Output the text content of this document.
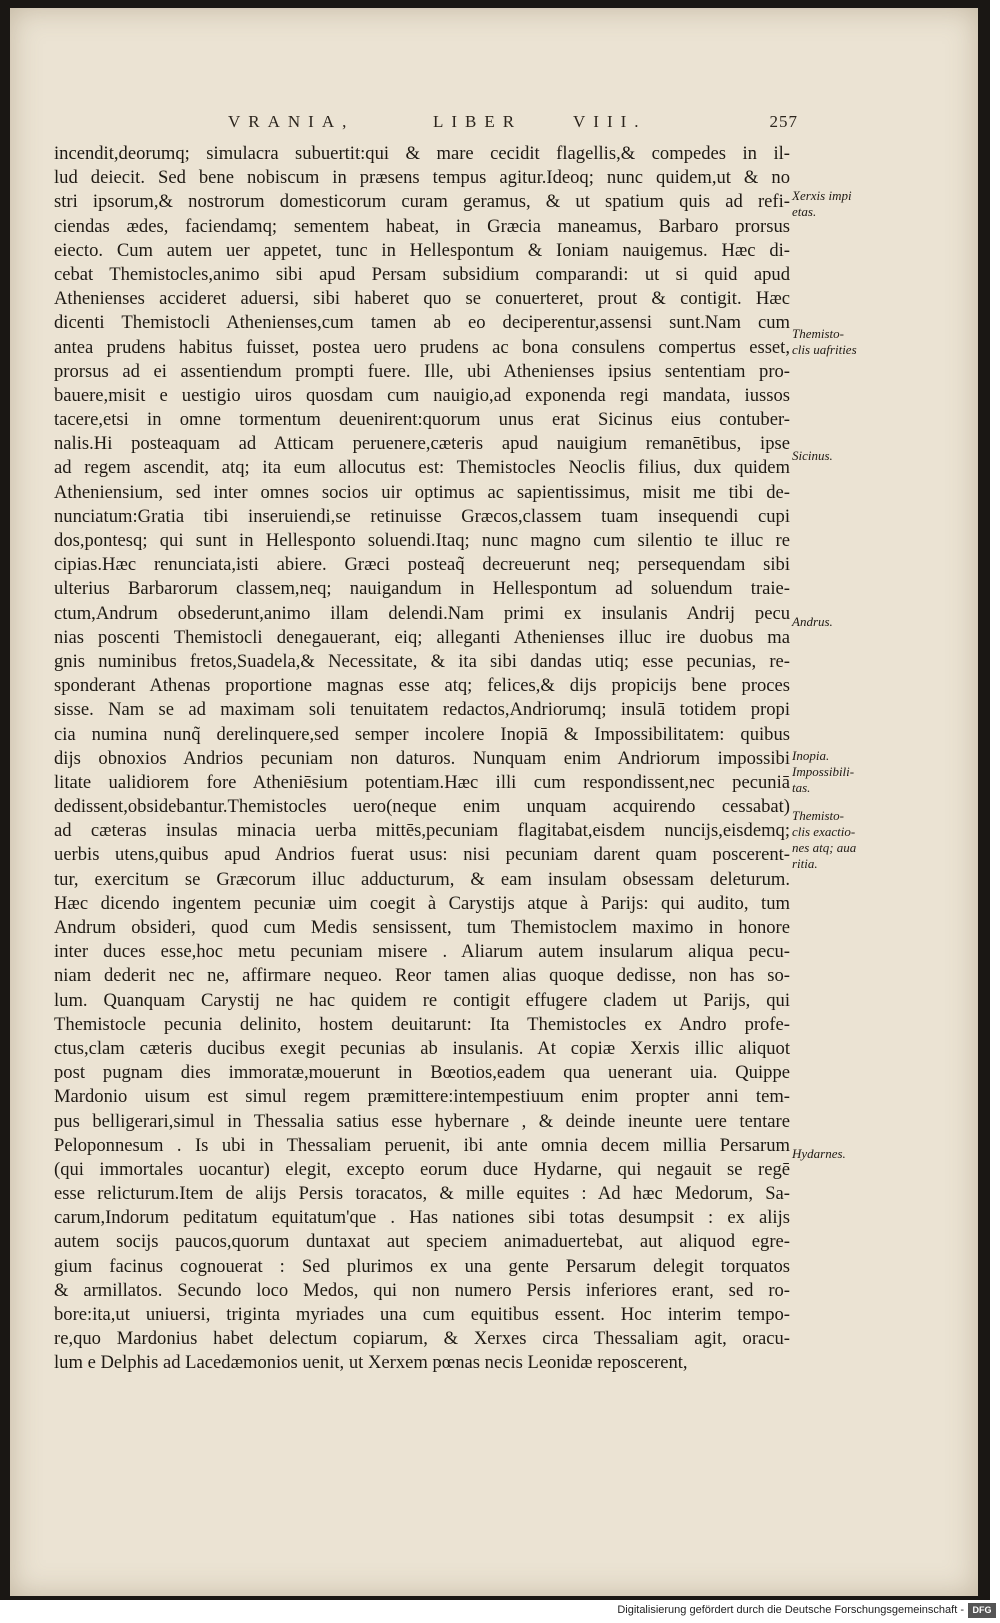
VRANIA,	LIBER	VIII.	257
incendit,deorumq; simulacra subuertit:qui & mare cecidit flagellis,& compedes in il-
lud deiecit. Sed bene nobiscum in præsens tempus agitur.Ideoq; nunc quidem,ut & no
stri ipsorum,& nostrorum domesticorum curam geramus, & ut spatium quis ad refi-
ciendas ædes, faciendamq; sementem habeat, in Græcia maneamus, Barbaro prorsus
eiecto. Cum autem uer appetet, tunc in Hellespontum & Ioniam nauigemus. Hæc di-
cebat Themistocles,animo sibi apud Persam subsidium comparandi: ut si quid apud
Athenienses accideret aduersi, sibi haberet quo se conuerteret, prout & contigit. Hæc
dicenti Themistocli Athenienses,cum tamen ab eo deciperentur,assensi sunt.Nam cum
antea prudens habitus fuisset, postea uero prudens ac bona consulens compertus esset,
prorsus ad ei assentiendum prompti fuere. Ille, ubi Athenienses ipsius sententiam pro-
bauere,misit e uestigio uiros quosdam cum nauigio,ad exponenda regi mandata, iussos
tacere,etsi in omne tormentum deuenirent:quorum unus erat Sicinus eius contuber-
nalis.Hi posteaquam ad Atticam peruenere,cæteris apud nauigium remanētibus, ipse
ad regem ascendit, atq; ita eum allocutus est: Themistocles Neoclis filius, dux quidem
Atheniensium, sed inter omnes socios uir optimus ac sapientissimus, misit me tibi de-
nunciatum:Gratia tibi inseruiendi,se retinuisse Græcos,classem tuam insequendi cupi
dos,pontesq; qui sunt in Hellesponto soluendi.Itaq; nunc magno cum silentio te illuc re
cipias.Hæc renunciata,isti abiere. Græci posteaq̃ decreuerunt neq; persequendam sibi
ulterius Barbarorum classem,neq; nauigandum in Hellespontum ad soluendum traie-
ctum,Andrum obsederunt,animo illam delendi.Nam primi ex insulanis Andrij pecu
nias poscenti Themistocli denegauerant, eiq; alleganti Athenienses illuc ire duobus ma
gnis numinibus fretos,Suadela,& Necessitate, & ita sibi dandas utiq; esse pecunias, re-
sponderant Athenas proportione magnas esse atq; felices,& dijs propicijs bene proces
sisse. Nam se ad maximam soli tenuitatem redactos,Andriorumq; insulā totidem propi
cia numina nunq̃ derelinquere,sed semper incolere Inopiā & Impossibilitatem: quibus
dijs obnoxios Andrios pecuniam non daturos. Nunquam enim Andriorum impossibi
litate ualidiorem fore Atheniēsium potentiam.Hæc illi cum respondissent,nec pecuniā
dedissent,obsidebantur.Themistocles uero(neque enim unquam acquirendo cessabat)
ad cæteras insulas minacia uerba mittēs,pecuniam flagitabat,eisdem nuncijs,eisdemq;
uerbis utens,quibus apud Andrios fuerat usus: nisi pecuniam darent quam poscerent-
tur, exercitum se Græcorum illuc adducturum, & eam insulam obsessam deleturum.
Hæc dicendo ingentem pecuniæ uim coegit à Carystijs atque à Parijs: qui audito, tum
Andrum obsideri, quod cum Medis sensissent, tum Themistoclem maximo in honore
inter duces esse,hoc metu pecuniam misere . Aliarum autem insularum aliqua pecu-
niam dederit nec ne, affirmare nequeo. Reor tamen alias quoque dedisse, non has so-
lum. Quanquam Carystij ne hac quidem re contigit effugere cladem ut Parijs, qui
Themistocle pecunia delinito, hostem deuitarunt: Ita Themistocles ex Andro profe-
ctus,clam cæteris ducibus exegit pecunias ab insulanis. At copiæ Xerxis illic aliquot
post pugnam dies immoratæ,mouerunt in Bœotios,eadem qua uenerant uia. Quippe
Mardonio uisum est simul regem præmittere:intempestiuum enim propter anni tem-
pus belligerari,simul in Thessalia satius esse hybernare , & deinde ineunte uere tentare
Peloponnesum . Is ubi in Thessaliam peruenit, ibi ante omnia decem millia Persarum
(qui immortales uocantur) elegit, excepto eorum duce Hydarne, qui negauit se regē
esse relicturum.Item de alijs Persis toracatos, & mille equites : Ad hæc Medorum, Sa-
carum,Indorum peditatum equitatum'que . Has nationes sibi totas desumpsit : ex alijs
autem socijs paucos,quorum duntaxat aut speciem animaduertebat, aut aliquod egre-
gium facinus cognouerat : Sed plurimos ex una gente Persarum delegit torquatos
& armillatos. Secundo loco Medos, qui non numero Persis inferiores erant, sed ro-
bore:ita,ut uniuersi, triginta myriades una cum equitibus essent. Hoc interim tempo-
re,quo Mardonius habet delectum copiarum, & Xerxes circa Thessaliam agit, oracu-
lum e Delphis ad Lacedæmonios uenit, ut Xerxem pœnas necis Leonidæ reposcerent,
Xerxis impi
etas.
Themisto-
clis uafrities
Sicinus.
Andrus.
Inopia.
Impossibili-
tas.
Themisto-
clis exactio-
nes atq; aua
ritia.
Hydarnes.
Digitalisierung gefördert durch die Deutsche Forschungsgemeinschaft - DFG
